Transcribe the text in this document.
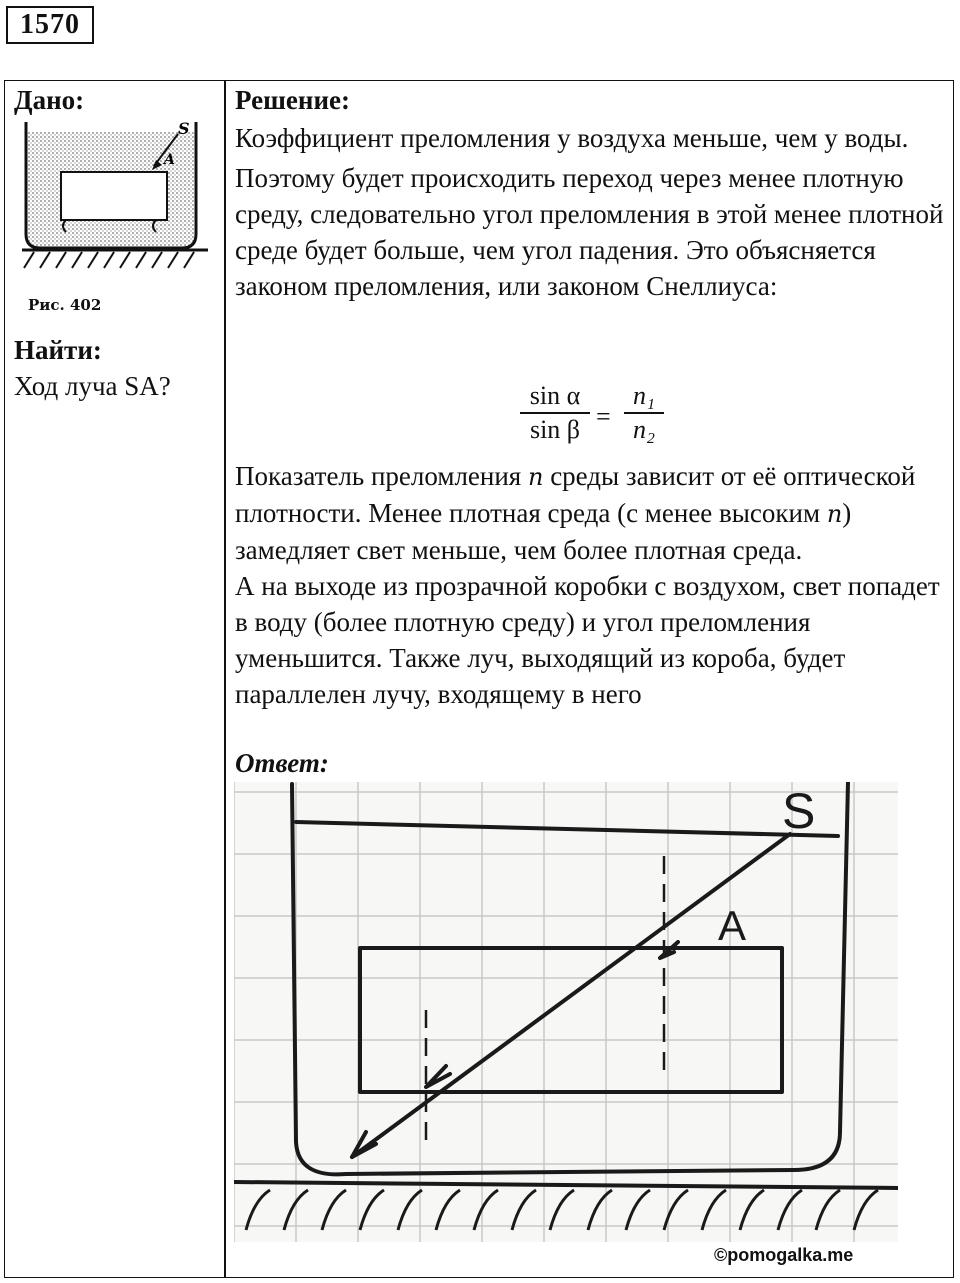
1570
Дано:
S
A
Рис. 402
Найти:
Ход луча SA?
Решение:

Коэффициент преломления у воздуха меньше, чем у воды.

Поэтому будет происходить переход через менее плотную среду, следовательно угол преломления в этой менее плотной среде будет больше, чем угол падения. Это объясняется законом преломления, или законом Снеллиуса:

$\frac{\text{sin α}}{\text{sin β}} = \frac{\text{n₁}}{\text{n₂}}$

Показатель преломления n среды зависит от её оптической плотности. Менее плотная среда (с менее высоким n) замедляет свет меньше, чем более плотная среда.

А на выходе из прозрачной коробки с воздухом, свет попадет в воду (более плотную среду) и угол преломления уменьшится. Также луч, выходящий из короба, будет параллелен лучу, входящему в него

Ответ:
S
A
©pomogalka.me
